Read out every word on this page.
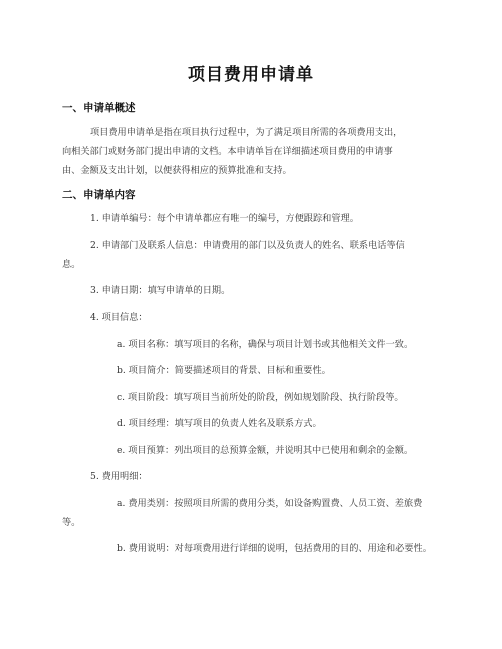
项目费用申请单
一、申请单概述
项目费用申请单是指在项目执行过程中，为了满足项目所需的各项费用支出，
向相关部门或财务部门提出申请的文档。本申请单旨在详细描述项目费用的申请事
由、金额及支出计划，以便获得相应的预算批准和支持。
二、申请单内容
1. 申请单编号：每个申请单都应有唯一的编号，方便跟踪和管理。
2. 申请部门及联系人信息：申请费用的部门以及负责人的姓名、联系电话等信
息。
3. 申请日期：填写申请单的日期。
4. 项目信息：
a. 项目名称：填写项目的名称，确保与项目计划书或其他相关文件一致。
b. 项目简介：简要描述项目的背景、目标和重要性。
c. 项目阶段：填写项目当前所处的阶段，例如规划阶段、执行阶段等。
d. 项目经理：填写项目的负责人姓名及联系方式。
e. 项目预算：列出项目的总预算金额，并说明其中已使用和剩余的金额。
5. 费用明细：
a. 费用类别：按照项目所需的费用分类，如设备购置费、人员工资、差旅费
等。
b. 费用说明：对每项费用进行详细的说明，包括费用的目的、用途和必要性。
